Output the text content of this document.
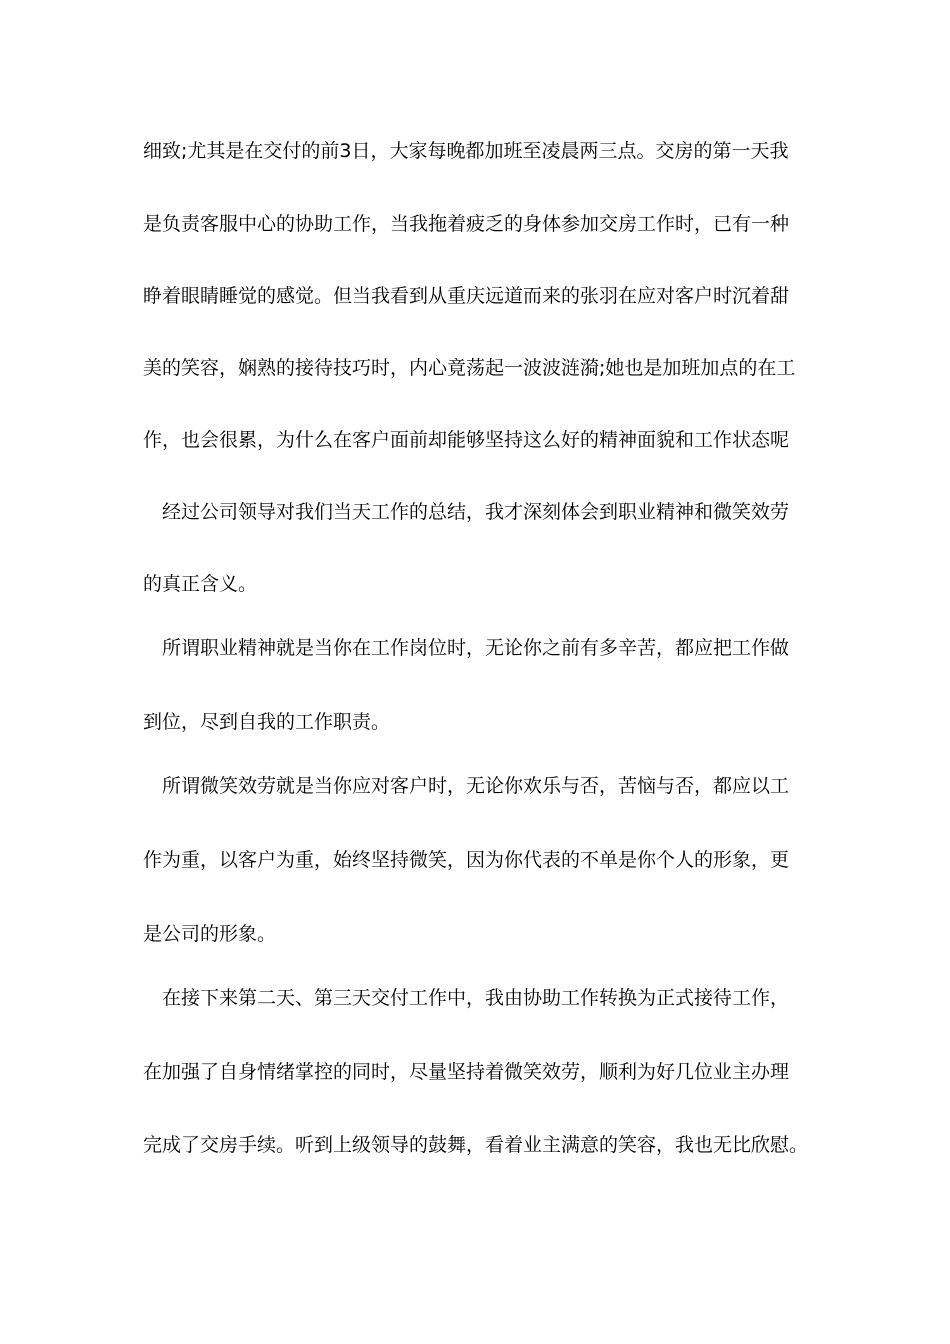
细致;尤其是在交付的前3日，大家每晚都加班至凌晨两三点。交房的第一天我
是负责客服中心的协助工作，当我拖着疲乏的身体参加交房工作时，已有一种
睁着眼睛睡觉的感觉。但当我看到从重庆远道而来的张羽在应对客户时沉着甜
美的笑容，娴熟的接待技巧时，内心竟荡起一波波涟漪;她也是加班加点的在工
作，也会很累，为什么在客户面前却能够坚持这么好的精神面貌和工作状态呢
　经过公司领导对我们当天工作的总结，我才深刻体会到职业精神和微笑效劳
的真正含义。
　所谓职业精神就是当你在工作岗位时，无论你之前有多辛苦，都应把工作做
到位，尽到自我的工作职责。
　所谓微笑效劳就是当你应对客户时，无论你欢乐与否，苦恼与否，都应以工
作为重，以客户为重，始终坚持微笑，因为你代表的不单是你个人的形象，更
是公司的形象。
　在接下来第二天、第三天交付工作中，我由协助工作转换为正式接待工作，
在加强了自身情绪掌控的同时，尽量坚持着微笑效劳，顺利为好几位业主办理
完成了交房手续。听到上级领导的鼓舞，看着业主满意的笑容，我也无比欣慰。
